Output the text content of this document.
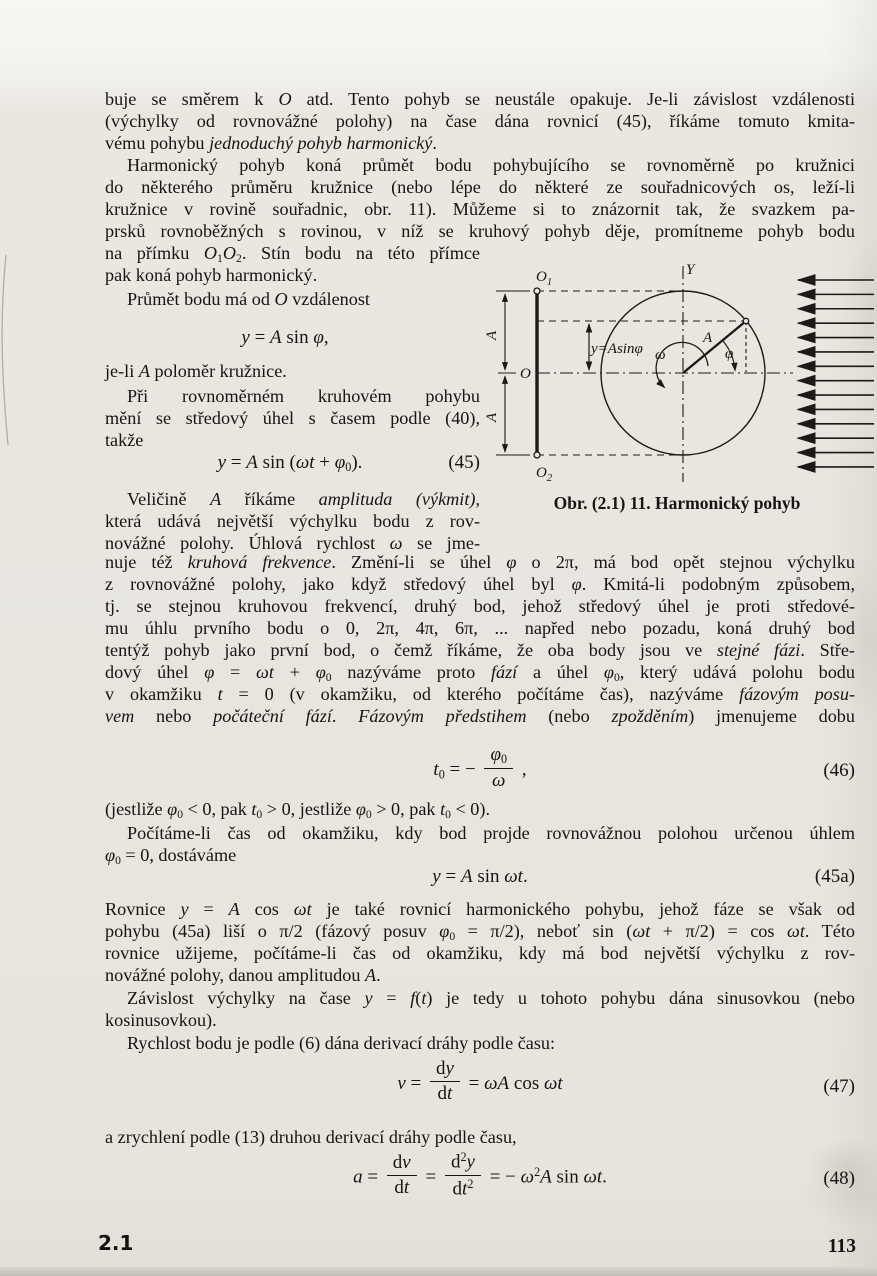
buje se směrem k O atd. Tento pohyb se neustále opakuje. Je-li závislost vzdálenosti
(výchylky od rovnovážné polohy) na čase dána rovnicí (45), říkáme tomuto kmita-
vému pohybu jednoduchý pohyb harmonický.
Harmonický pohyb koná průmět bodu pohybujícího se rovnoměrně po kružnici
do některého průměru kružnice (nebo lépe do některé ze souřadnicových os, leží-li
kružnice v rovině souřadnic, obr. 11). Můžeme si to znázornit tak, že svazkem pa-
prsků rovnoběžných s rovinou, v níž se kruhový pohyb děje, promítneme pohyb bodu
na přímku $O_1O_2$. Stín bodu na této přímce
pak koná pohyb harmonický.
Průmět bodu má od O vzdálenost
y = A sin φ,
je-li A poloměr kružnice.
Při rovnoměrném kruhovém pohybu
mění se středový úhel s časem podle (40),
takže
y = A $\sin (\omega t + \varphi_0)$.	(45)
Veličině A říkáme amplituda (výkmit),
která udává největší výchylku bodu z rov-
novážné polohy. Úhlová rychlost ω se jme-
nuje též kruhová frekvence. Změní-li se úhel φ o 2π, má bod opět stejnou výchylku
z rovnovážné polohy, jako když středový úhel byl φ. Kmitá-li podobným způsobem,
tj. se stejnou kruhovou frekvencí, druhý bod, jehož středový úhel je proti středové-
mu úhlu prvního bodu o 0, 2π, 4π, 6π, ... napřed nebo pozadu, koná druhý bod
tentýž pohyb jako první bod, o čemž říkáme, že oba body jsou ve stejné fázi. Stře-
dový úhel $\varphi = \omega t + \varphi_0$ nazýváme proto fází a úhel $\varphi_0$, který udává polohu bodu
v okamžiku t = 0 (v okamžiku, od kterého počítáme čas), nazýváme fázovým posu-
vem nebo počáteční fází. Fázovým předstihem (nebo zpožděním) jmenujeme dobu
$t_0$ = − $\frac{\varphi_0}{\omega}$ ,	(46)
(jestliže $\varphi_0 < 0$, pak $t_0 > 0$, jestliže $\varphi_0 > 0$, pak $t_0 < 0$).
Počítáme-li čas od okamžiku, kdy bod projde rovnovážnou polohou určenou úhlem
$\varphi_0 = 0$, dostáváme
y = A sin ωt.	(45a)
Rovnice y = A cos ωt je také rovnicí harmonického pohybu, jehož fáze se však od
pohybu (45a) liší o π/2 (fázový posuv $\varphi_0 = \pi/2$), neboť sin (ωt + π/2) = cos ωt. Této
rovnice užijeme, počítáme-li čas od okamžiku, kdy má bod největší výchylku z rov-
novážné polohy, danou amplitudou A.
Závislost výchylky na čase y = f(t) je tedy u tohoto pohybu dána sinusovkou (nebo
kosinusovkou).
Rychlost bodu je podle (6) dána derivací dráhy podle času:
$v = \frac{dy}{dt} = \omega A$ cos ωt	(47)
a zrychlení podle (13) druhou derivací dráhy podle času,
$a = \frac{dv}{dt} = \frac{d^2y}{dt^2}$ = − $\omega^2A$ sin ωt.	(48)
$O_1$
$O_2$
O
Y
A
A
A
ω	φ
y=Asinφ
Obr. (2.1) 11. Harmonický pohyb
2.1	113
